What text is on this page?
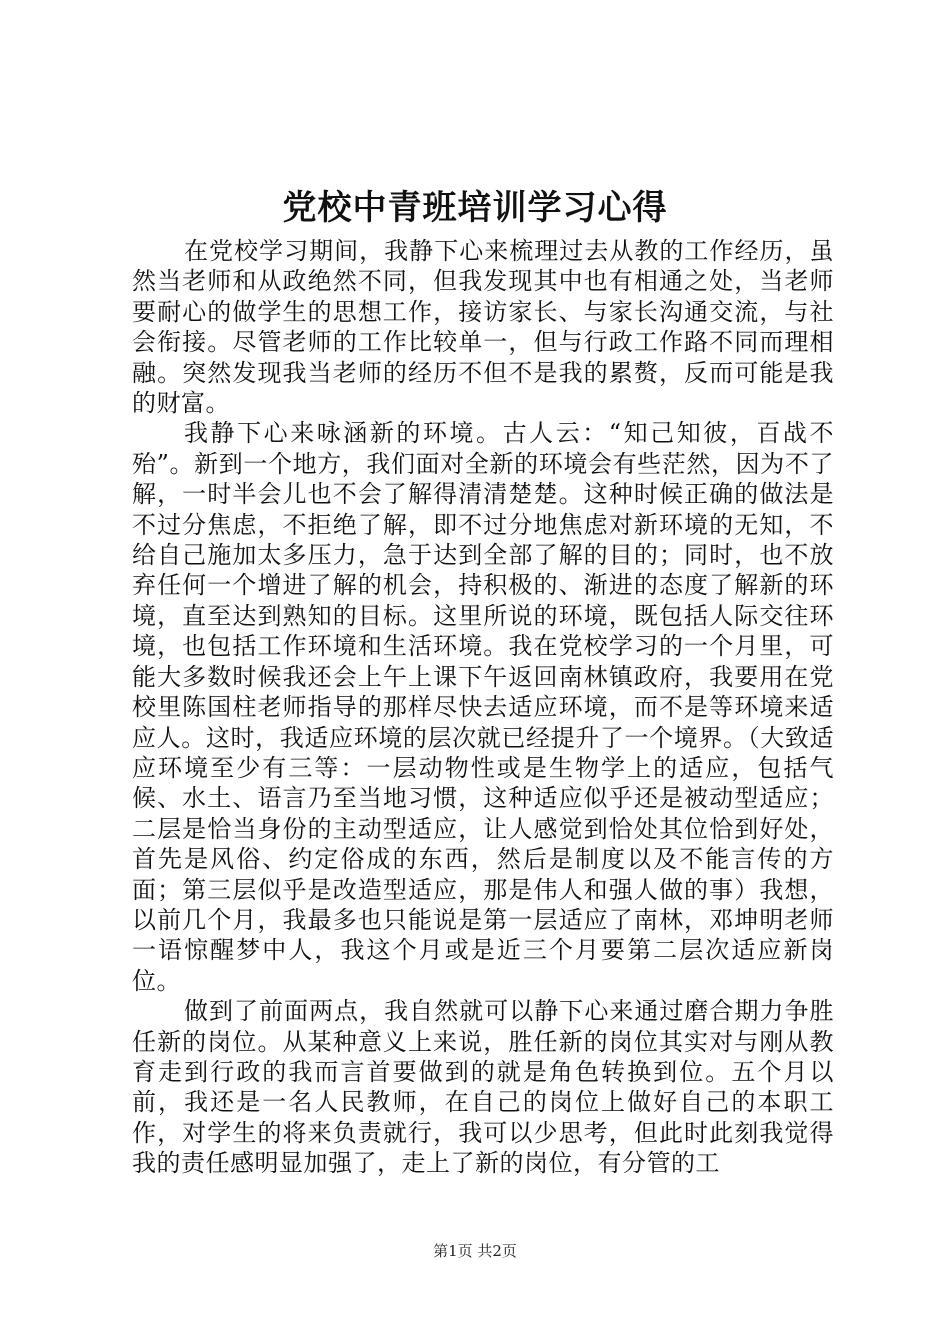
党校中青班培训学习心得

在党校学习期间，我静下心来梳理过去从教的工作经历，虽然当老师和从政绝然不同，但我发现其中也有相通之处，当老师要耐心的做学生的思想工作，接访家长、与家长沟通交流，与社会衔接。尽管老师的工作比较单一，但与行政工作路不同而理相融。突然发现我当老师的经历不但不是我的累赘，反而可能是我的财富。

我静下心来咏涵新的环境。古人云：“知己知彼，百战不殆”。新到一个地方，我们面对全新的环境会有些茫然，因为不了解，一时半会儿也不会了解得清清楚楚。这种时候正确的做法是不过分焦虑，不拒绝了解，即不过分地焦虑对新环境的无知，不给自己施加太多压力，急于达到全部了解的目的；同时，也不放弃任何一个增进了解的机会，持积极的、渐进的态度了解新的环境，直至达到熟知的目标。这里所说的环境，既包括人际交往环境，也包括工作环境和生活环境。我在党校学习的一个月里，可能大多数时候我还会上午上课下午返回南林镇政府，我要用在党校里陈国柱老师指导的那样尽快去适应环境，而不是等环境来适应人。这时，我适应环境的层次就已经提升了一个境界。（大致适应环境至少有三等：一层动物性或是生物学上的适应，包括气候、水土、语言乃至当地习惯，这种适应似乎还是被动型适应；二层是恰当身份的主动型适应，让人感觉到恰处其位恰到好处，首先是风俗、约定俗成的东西，然后是制度以及不能言传的方面；第三层似乎是改造型适应，那是伟人和强人做的事）我想，以前几个月，我最多也只能说是第一层适应了南林，邓坤明老师一语惊醒梦中人，我这个月或是近三个月要第二层次适应新岗位。

做到了前面两点，我自然就可以静下心来通过磨合期力争胜任新的岗位。从某种意义上来说，胜任新的岗位其实对与刚从教育走到行政的我而言首要做到的就是角色转换到位。五个月以前，我还是一名人民教师，在自己的岗位上做好自己的本职工作，对学生的将来负责就行，我可以少思考，但此时此刻我觉得我的责任感明显加强了，走上了新的岗位，有分管的工

第1页 共2页
